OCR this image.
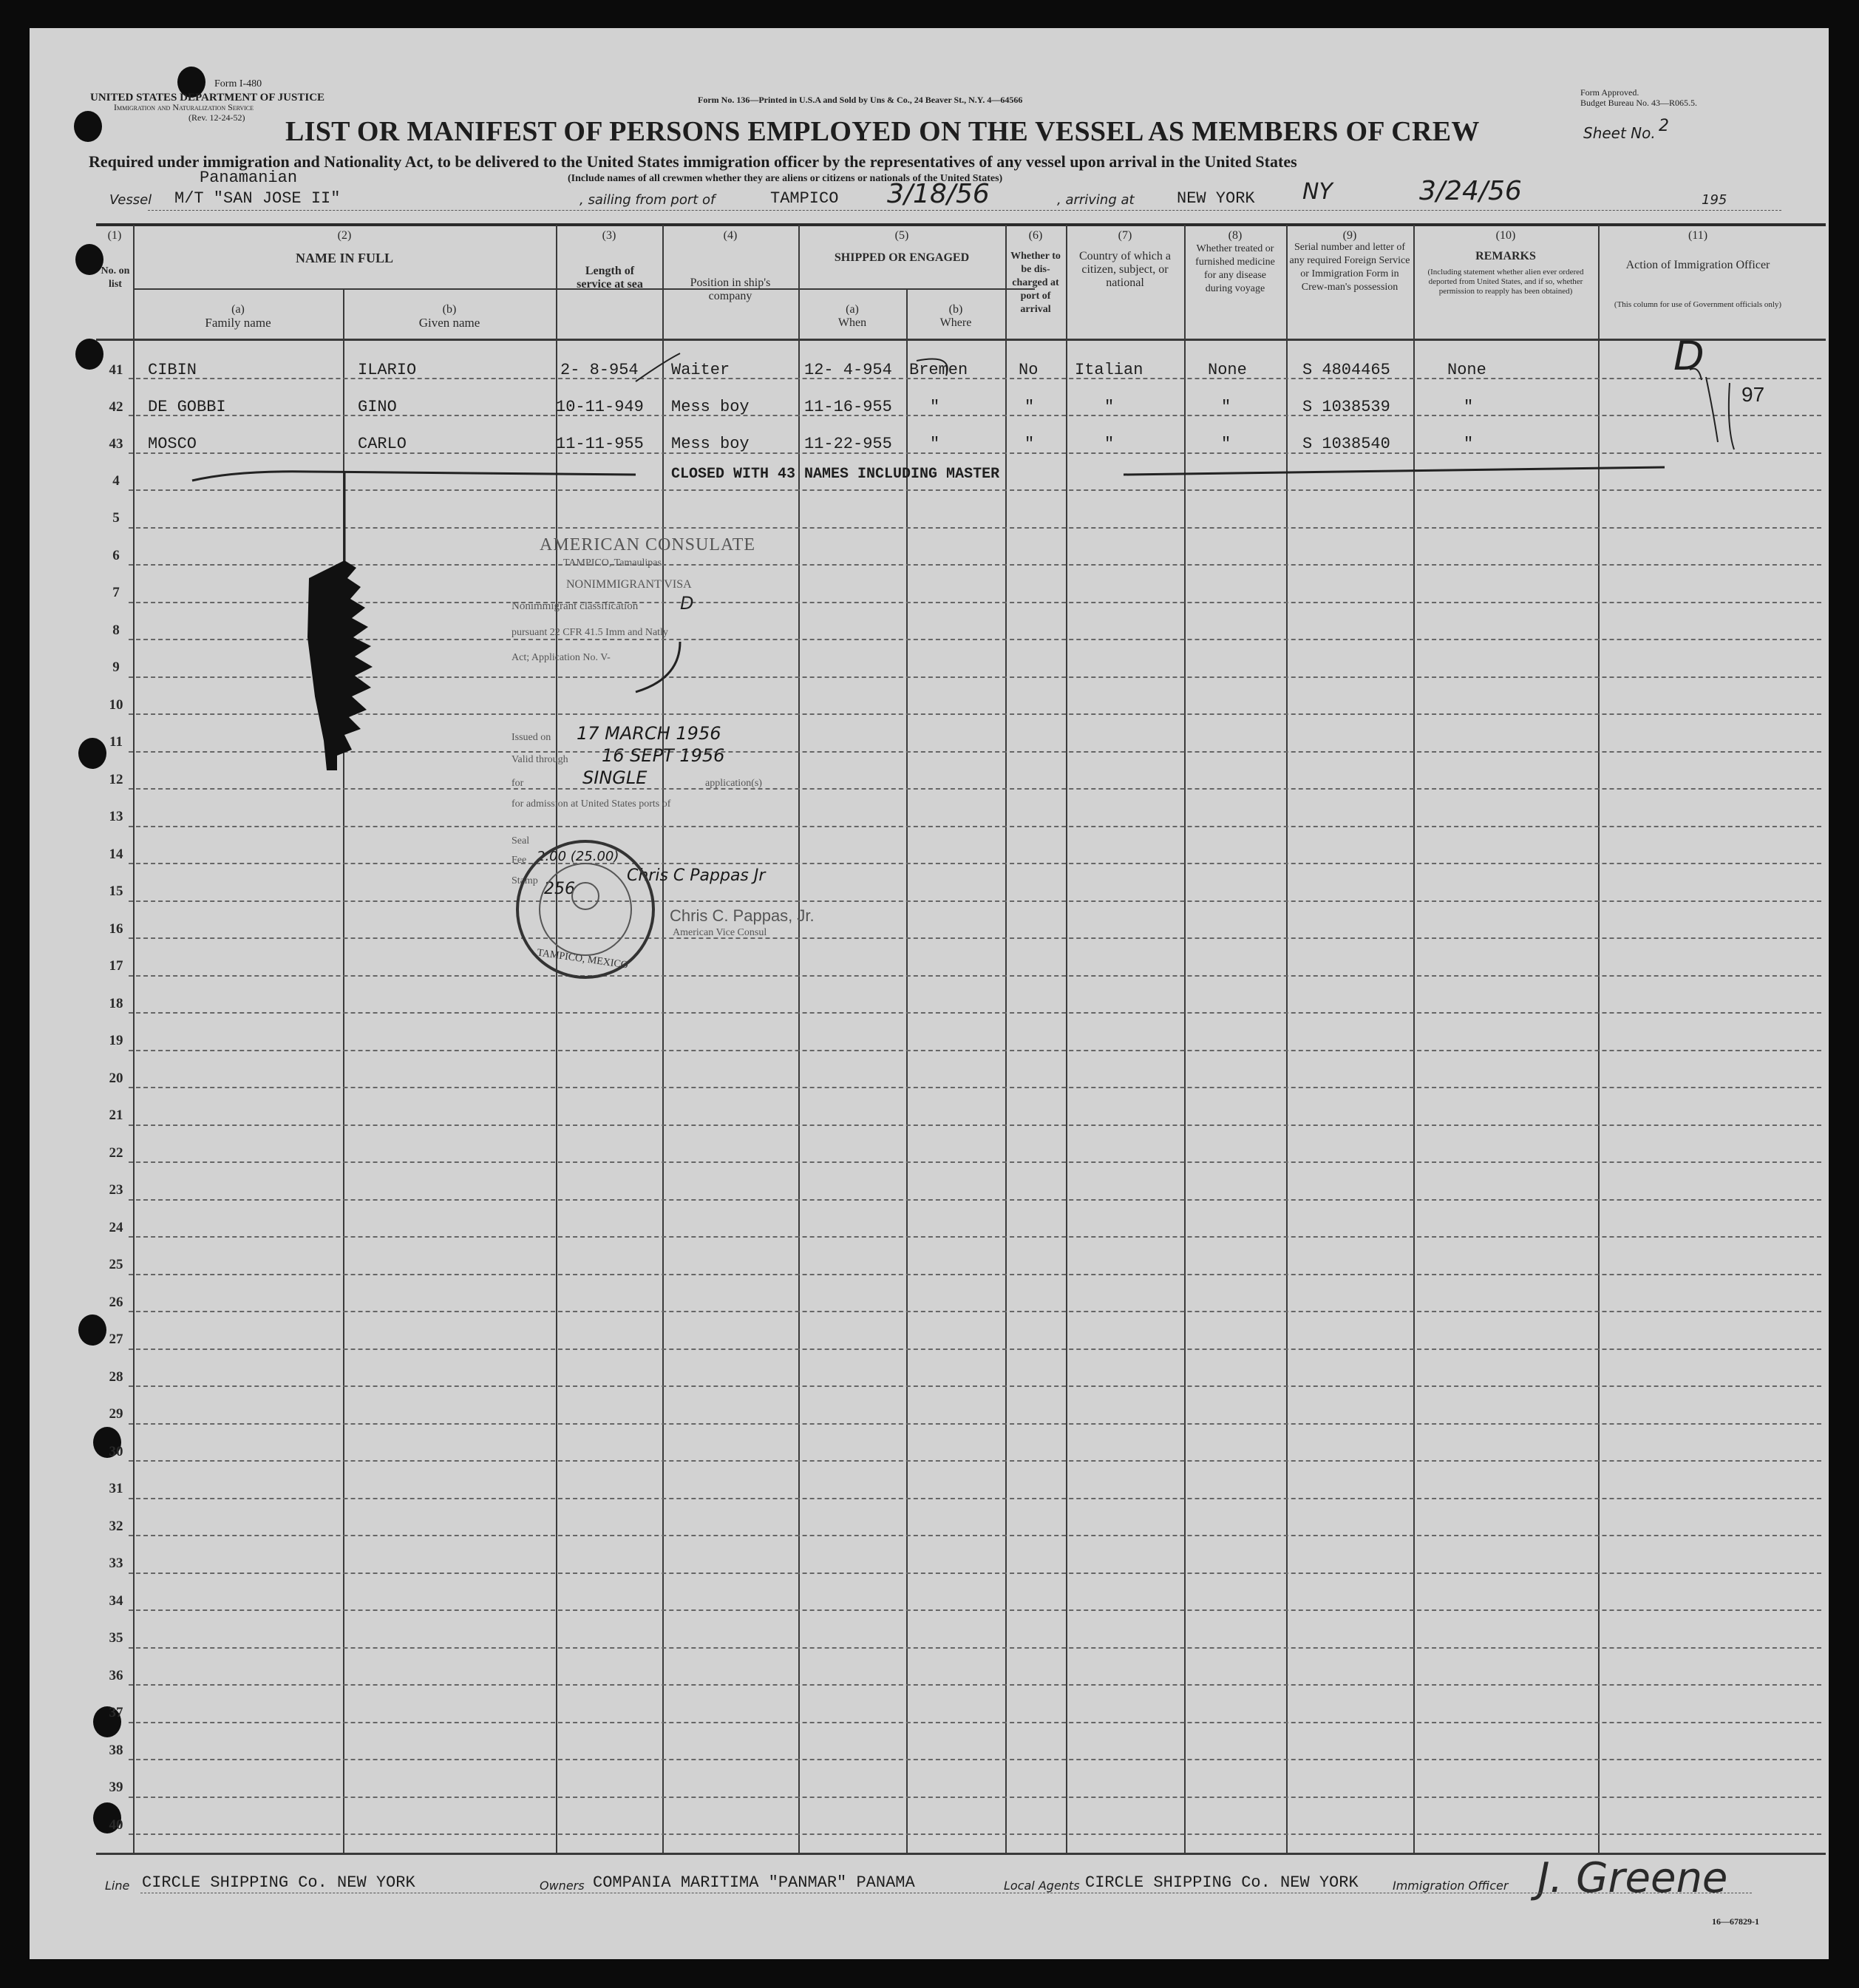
Form I-480
UNITED STATES DEPARTMENT OF JUSTICE
Immigration and Naturalization Service
(Rev. 12-24-52)
Form No. 136—Printed in U.S.A and Sold by Uns & Co., 24 Beaver St., N.Y. 4—64566
Form Approved.
Budget Bureau No. 43—R065.5.
LIST OR MANIFEST OF PERSONS EMPLOYED ON THE VESSEL AS MEMBERS OF CREW	Sheet No. 2
Required under immigration and Nationality Act, to be delivered to the United States immigration officer by the representatives of any vessel upon arrival in the United States
(Include names of all crewmen whether they are aliens or citizens or nationals of the United States)
Panamanian
Vessel M/T "SAN JOSE II"	, sailing from port of	TAMPICO 3/18/56	, arriving at	NEW YORK NY	3/24/56	195
(1)
No. on list
(2)
NAME IN FULL
(a)
Family name
(b)
Given name
(3)
Length of service at sea
(4)
Position in ship's company
(5)
SHIPPED OR ENGAGED
(a)
When
(b)
Where
(6)
Whether to be dis-charged at port of arrival
(7)
Country of which a citizen, subject, or national
(8)
Whether treated or furnished medicine for any disease during voyage
(9)
Serial number and letter of any required Foreign Service or Immigration Form in Crew-man's possession
(10)
REMARKS
(Including statement whether alien ever ordered deported from United States, and if so, whether permission to reapply has been obtained)
(11)
Action of Immigration Officer
(This column for use of Government officials only)
4
5
6
7
8
9
10
11
12
13
14
15
16
17
18
19
20
21
22
23
24
25
26
27
28
29
30
31
32
33
34
35
36
37
38
39
40
41	CIBIN	ILARIO	2- 8-954 Waiter	12- 4-954 Bremen	No Italian	None	S 4804465	None
42	DE GOBBI	GINO	10-11-949 Mess boy	11-16-955 "	"	"	"	S 1038539	"
43	MOSCO	CARLO	11-11-955 Mess boy	11-22-955 "	"	"	"	S 1038540	"
CLOSED WITH 43 NAMES INCLUDING MASTER
97
D
AMERICAN CONSULATE
TAMPICO, Tamaulipas
NONIMMIGRANT VISA
Nonimmigrant classification D
pursuant 22 CFR 41.5 Imm and Natly
Act; Application No. V-
Issued on 17 MARCH 1956
Valid through 16 SEPT 1956
for	SINGLE	application(s)
for admission at United States ports of
Seal
Fee 2.00 (25.00)
Stamp 256
Chris C Pappas Jr
Chris C. Pappas, Jr.
American Vice Consul
TAMPICO, MEXICO
Line CIRCLE SHIPPING Co. NEW YORK	Owners COMPANIA MARITIMA "PANMAR" PANAMA	Local Agents CIRCLE SHIPPING Co. NEW YORK	Immigration Officer J. Greene
16—67829-1
